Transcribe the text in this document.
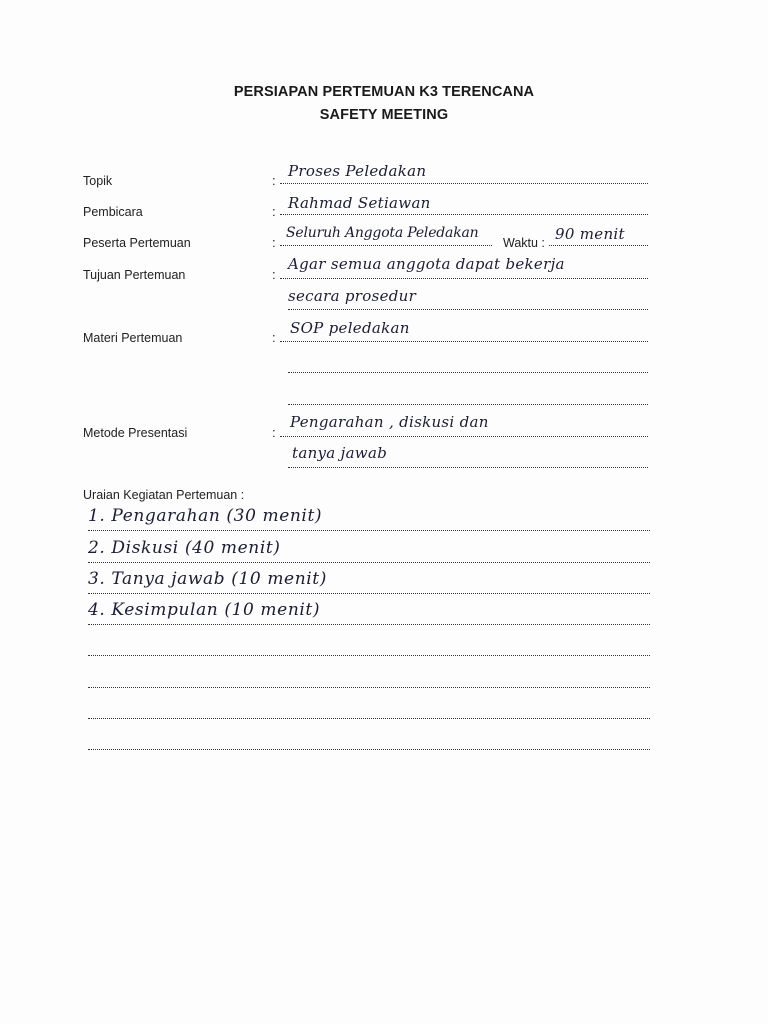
PERSIAPAN PERTEMUAN K3 TERENCANA
SAFETY MEETING
Topik	:
Proses Peledakan
Pembicara	: Rahmad Setiawan
Peserta Pertemuan	:
Seluruh Anggota Peledakan
Waktu : 90 menit
Tujuan Pertemuan	:
Agar semua anggota dapat bekerja
secara prosedur
Materi Pertemuan	:
SOP peledakan
Metode Presentasi	:
Pengarahan , diskusi dan
tanya jawab
Uraian Kegiatan Pertemuan :
1. Pengarahan (30 menit)
2. Diskusi (40 menit)
3. Tanya jawab (10 menit)
4. Kesimpulan (10 menit)
